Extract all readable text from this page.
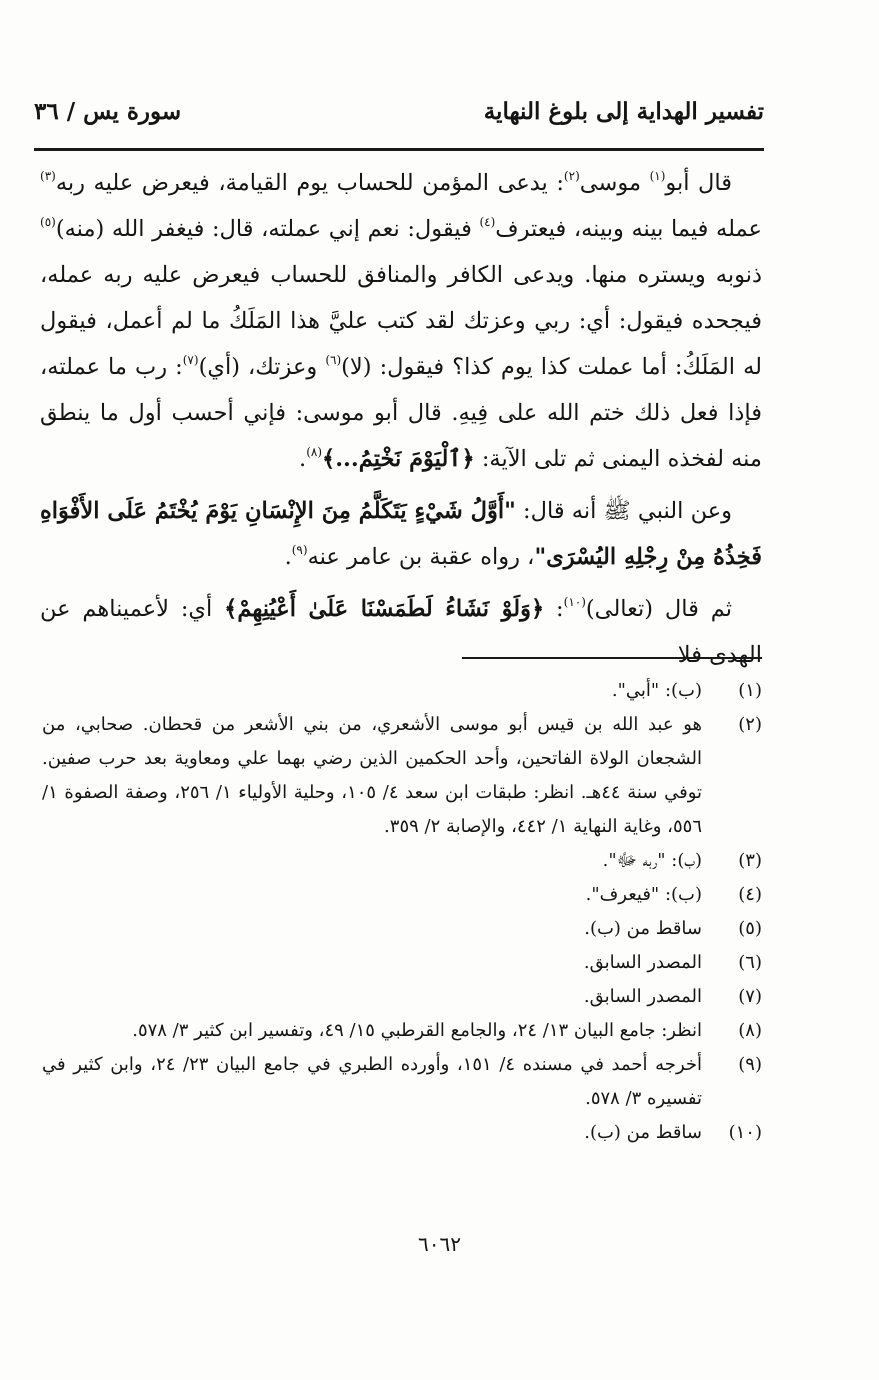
تفسير الهداية إلى بلوغ النهاية
سورة يس / ٣٦

قال أبو$^{(١)}$ موسى$^{(٢)}$: يدعى المؤمن للحساب يوم القيامة، فيعرض عليه ربه$^{(٣)}$ عمله فيما بينه وبينه، فيعترف$^{(٤)}$ فيقول: نعم إني عملته، قال: فيغفر الله (منه)$^{(٥)}$ ذنوبه ويستره منها. ويدعى الكافر والمنافق للحساب فيعرض عليه ربه عمله، فيجحده فيقول: أي: ربي وعزتك لقد كتب عليَّ هذا المَلَكُ ما لم أعمل، فيقول له المَلَكُ: أما عملت كذا يوم كذا؟ فيقول: (لا)$^{(٦)}$ وعزتك، (أي)$^{(٧)}$: رب ما عملته، فإذا فعل ذلك ختم الله على فِيهِ. قال أبو موسى: فإني أحسب أول ما ينطق منه لفخذه اليمنى ثم تلى الآية: ﴿ٱلْيَوْمَ نَخْتِمُ...﴾$^{(٨)}$.

وعن النبي ﷺ أنه قال: "أَوَّلُ شَيْءٍ يَتَكَلَّمُ مِنَ الإِنْسَانِ يَوْمَ يُخْتَمُ عَلَى الأَفْوَاهِ فَخِذُهُ مِنْ رِجْلِهِ اليُسْرَى"، رواه عقبة بن عامر عنه$^{(٩)}$.

ثم قال (تعالى)$^{(١٠)}$: ﴿وَلَوْ نَشَاءُ لَطَمَسْنَا عَلَىٰ أَعْيُنِهِمْ﴾ أي: لأعميناهم عن الهدى فلا

(١)
(ب): "أبي".
(٢)
هو عبد الله بن قيس أبو موسى الأشعري، من بني الأشعر من قحطان. صحابي، من الشجعان الولاة الفاتحين، وأحد الحكمين الذين رضي بهما علي ومعاوية بعد حرب صفين. توفي سنة ٤٤هـ. انظر: طبقات ابن سعد ٤/ ١٠٥، وحلية الأولياء ١/ ٢٥٦، وصفة الصفوة ١/ ٥٥٦، وغاية النهاية ١/ ٤٤٢، والإصابة ٢/ ٣٥٩.
(٣)
(ب): "ربه ﷻ".
(٤)
(ب): "فيعرف".
(٥)
ساقط من (ب).
(٦)
المصدر السابق.
(٧)
المصدر السابق.
(٨)
انظر: جامع البيان ١٣/ ٢٤، والجامع القرطبي ١٥/ ٤٩، وتفسير ابن كثير ٣/ ٥٧٨.
(٩)
أخرجه أحمد في مسنده ٤/ ١٥١، وأورده الطبري في جامع البيان ٢٣/ ٢٤، وابن كثير في تفسيره ٣/ ٥٧٨.
(١٠)
ساقط من (ب).
٦٠٦٢
